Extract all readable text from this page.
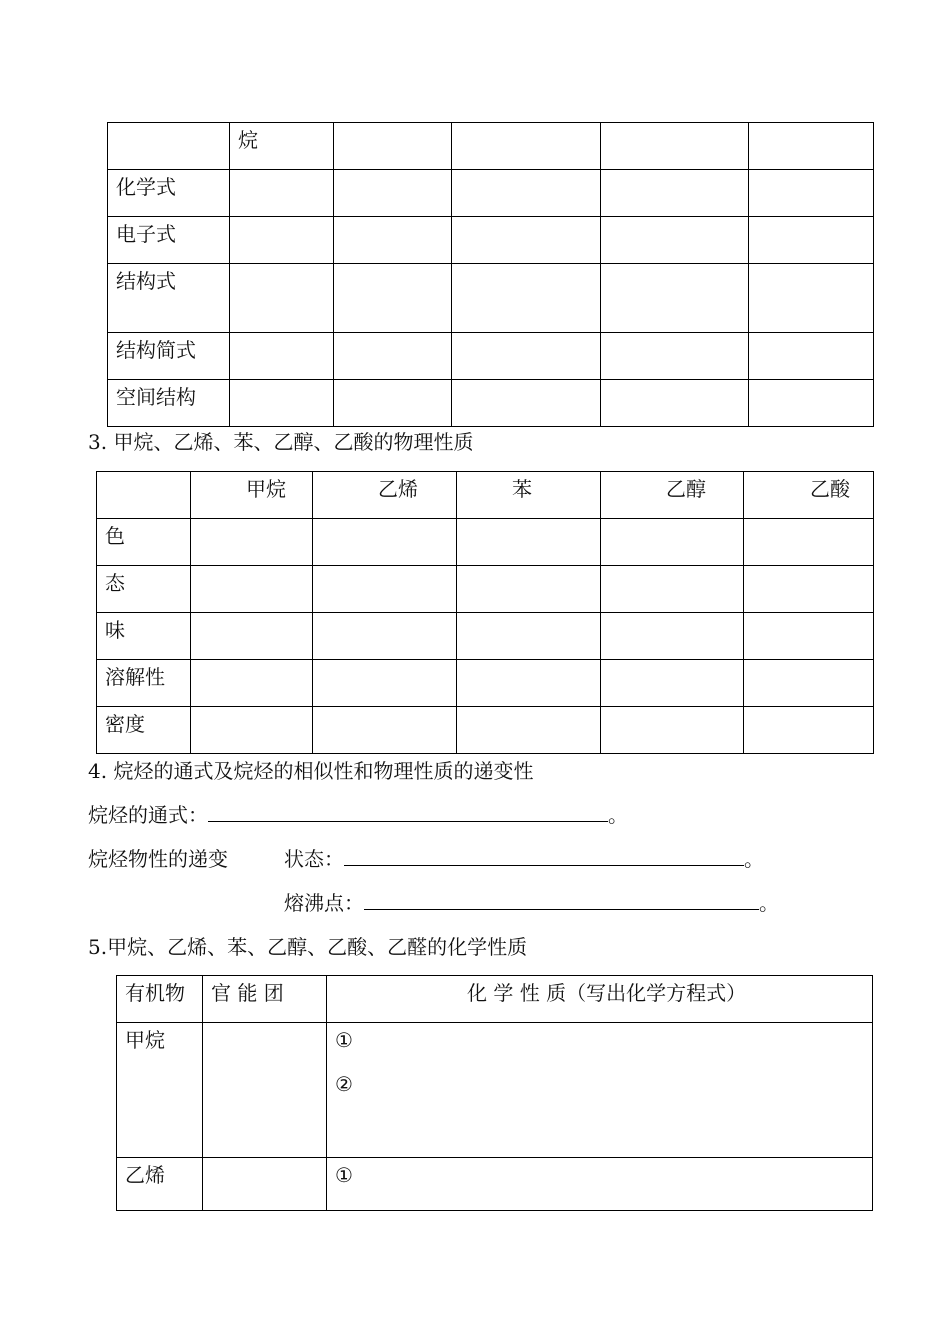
	烷				
化学式					
电子式					
结构式					
结构简式					
空间结构					
3. 甲烷、乙烯、苯、乙醇、乙酸的物理性质
	甲烷	乙烯	苯	乙醇	乙酸
色					
态					
味					
溶解性					
密度					
4. 烷烃的通式及烷烃的相似性和物理性质的递变性
烷烃的通式：	。
烷烃物性的递变	状态：	。
熔沸点：	。
5.甲烷、乙烯、苯、乙醇、乙酸、乙醛的化学性质
有机物	官 能 团	化 学 性 质（写出化学方程式）
甲烷		①
②

乙烯		①
